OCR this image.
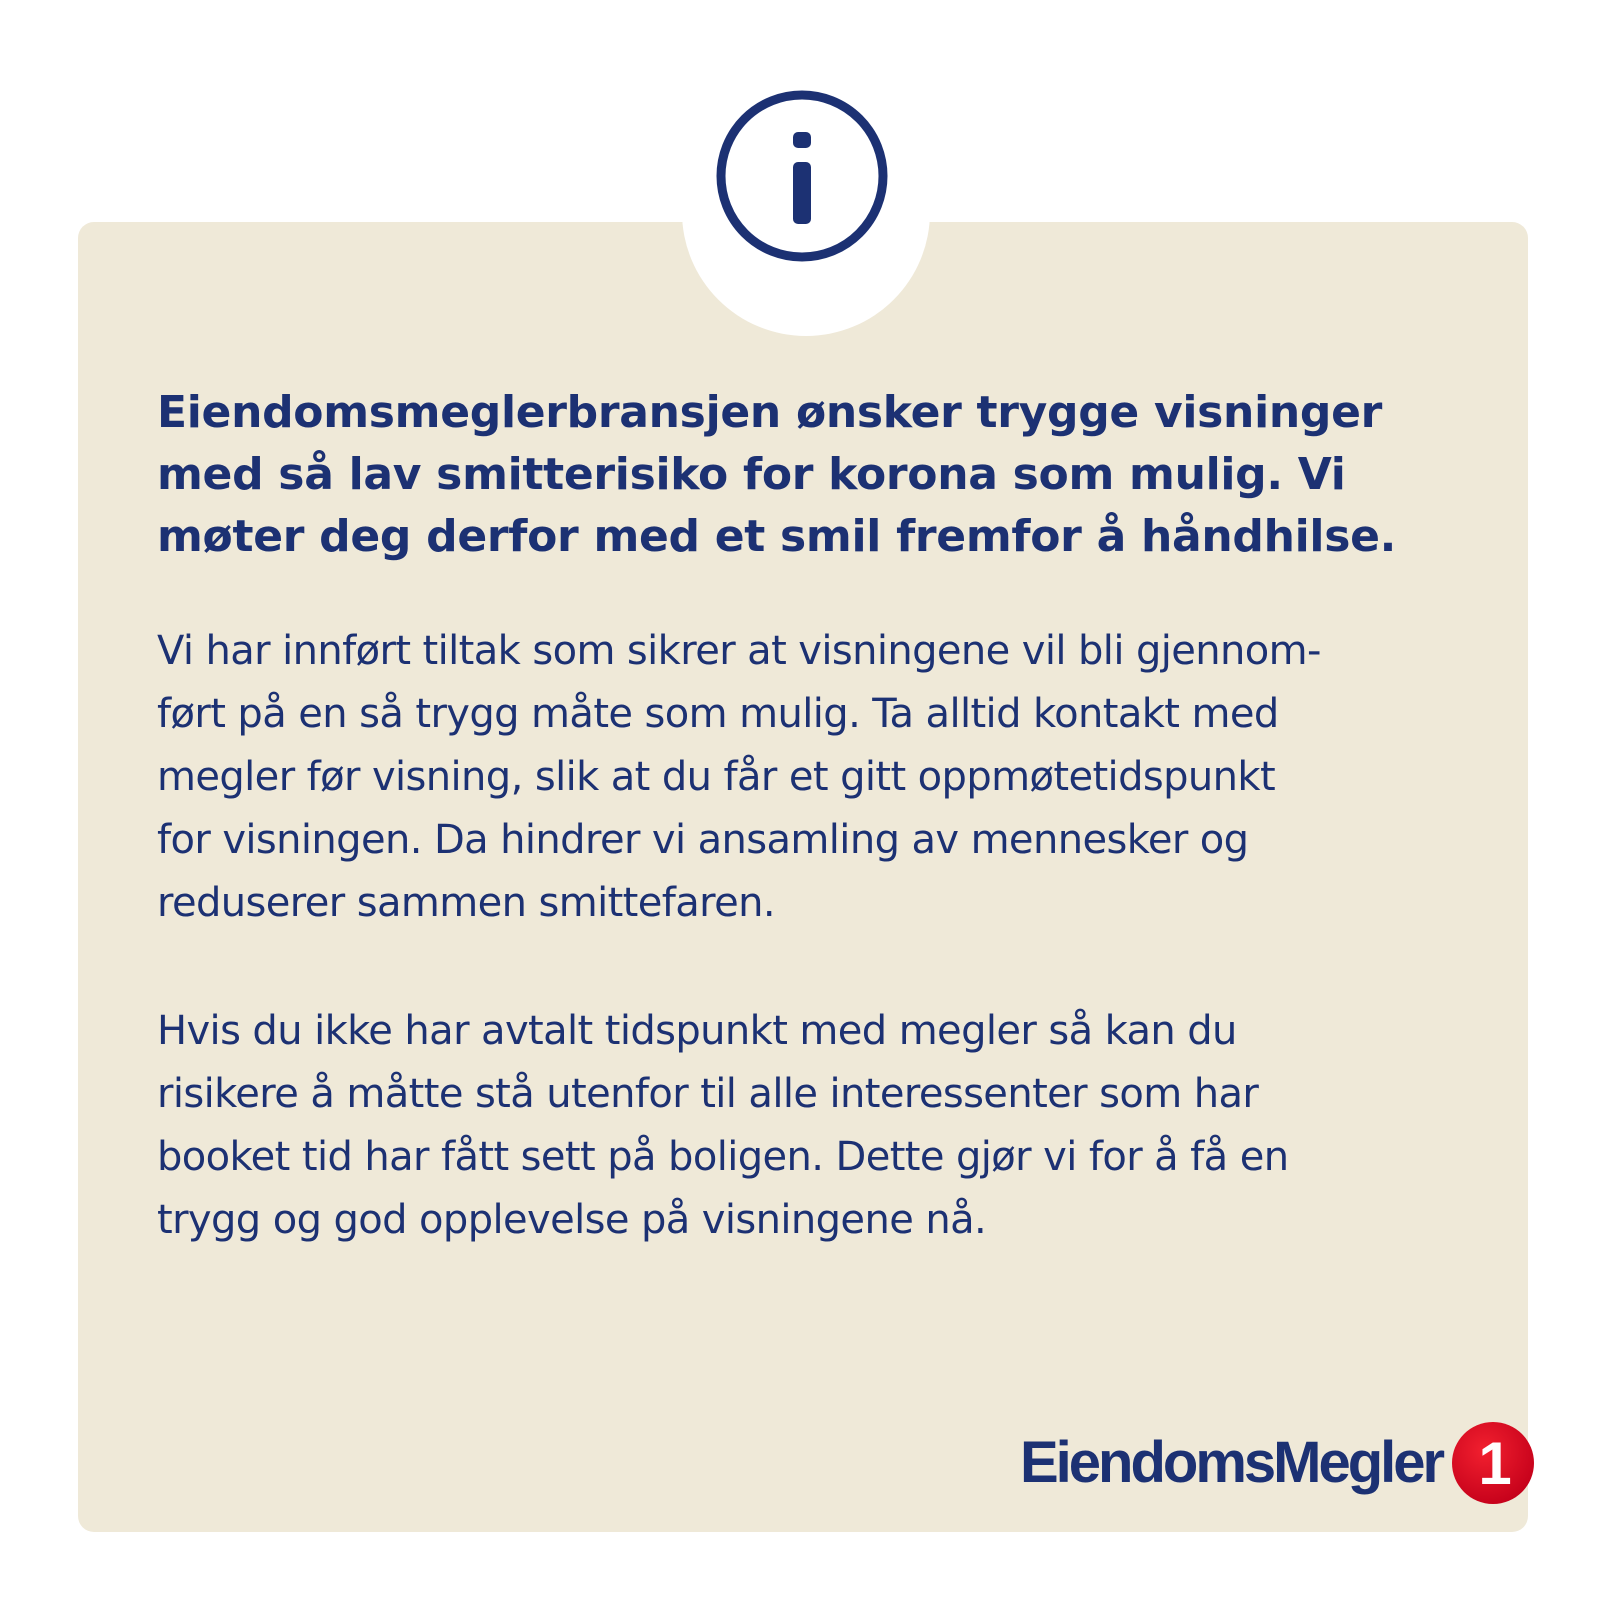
Eiendomsmeglerbransjen ønsker trygge visninger
med så lav smitterisiko for korona som mulig. Vi
møter deg derfor med et smil fremfor å håndhilse.

Vi har innført tiltak som sikrer at visningene vil bli gjennom-
ført på en så trygg måte som mulig. Ta alltid kontakt med
megler før visning, slik at du får et gitt oppmøtetidspunkt
for visningen. Da hindrer vi ansamling av mennesker og
reduserer sammen smittefaren.

Hvis du ikke har avtalt tidspunkt med megler så kan du
risikere å måtte stå utenfor til alle interessenter som har
booket tid har fått sett på boligen. Dette gjør vi for å få en
trygg og god opplevelse på visningene nå.

EiendomsMegler 1
